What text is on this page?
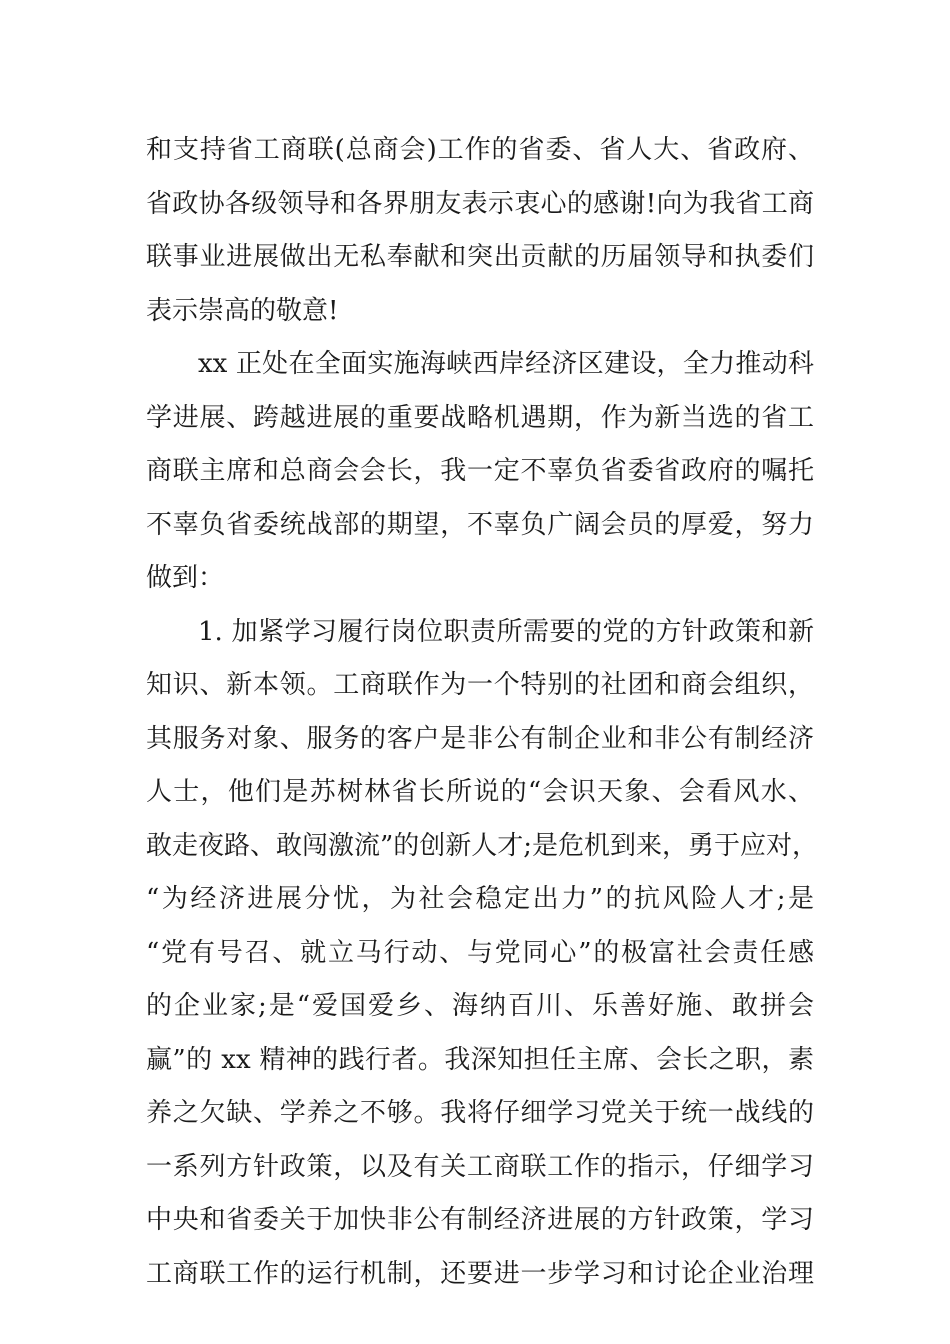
和支持省工商联(总商会)工作的省委、省人大、省政府、
省政协各级领导和各界朋友表示衷心的感谢!向为我省工商
联事业进展做出无私奉献和突出贡献的历届领导和执委们
表示崇高的敬意!
xx 正处在全面实施海峡西岸经济区建设，全力推动科
学进展、跨越进展的重要战略机遇期，作为新当选的省工
商联主席和总商会会长，我一定不辜负省委省政府的嘱托
不辜负省委统战部的期望，不辜负广阔会员的厚爱，努力
做到：
1. 加紧学习履行岗位职责所需要的党的方针政策和新
知识、新本领。工商联作为一个特别的社团和商会组织，
其服务对象、服务的客户是非公有制企业和非公有制经济
人士，他们是苏树林省长所说的“会识天象、会看风水、
敢走夜路、敢闯激流”的创新人才;是危机到来，勇于应对，
“为经济进展分忧，为社会稳定出力”的抗风险人才;是
“党有号召、就立马行动、与党同心”的极富社会责任感
的企业家;是“爱国爱乡、海纳百川、乐善好施、敢拼会
赢”的 xx 精神的践行者。我深知担任主席、会长之职，素
养之欠缺、学养之不够。我将仔细学习党关于统一战线的
一系列方针政策，以及有关工商联工作的指示，仔细学习
中央和省委关于加快非公有制经济进展的方针政策，学习
工商联工作的运行机制，还要进一步学习和讨论企业治理
